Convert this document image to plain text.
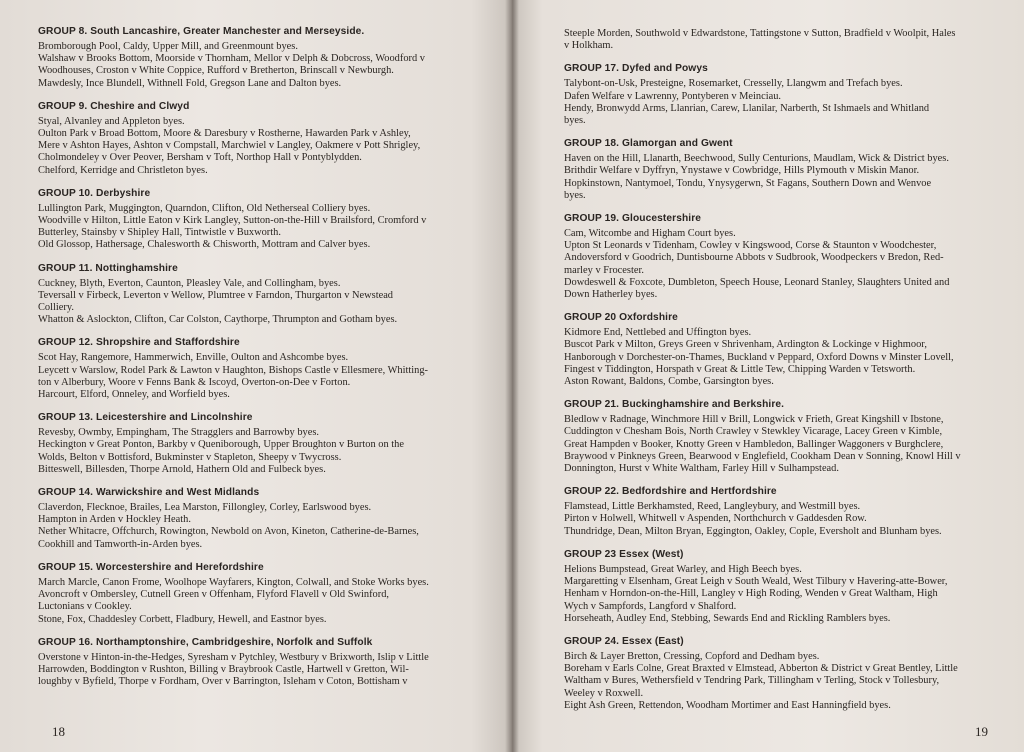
GROUP 8. South Lancashire, Greater Manchester and Merseyside.
Bromborough Pool, Caldy, Upper Mill, and Greenmount byes.
Walshaw v Brooks Bottom, Moorside v Thornham, Mellor v Delph & Dobcross, Woodford v
Woodhouses, Croston v White Coppice, Rufford v Bretherton, Brinscall v Newburgh.
Mawdesly, Ince Blundell, Withnell Fold, Gregson Lane and Dalton byes.
GROUP 9. Cheshire and Clwyd
Styal, Alvanley and Appleton byes.
Oulton Park v Broad Bottom, Moore & Daresbury v Rostherne, Hawarden Park v Ashley,
Mere v Ashton Hayes, Ashton v Compstall, Marchwiel v Langley, Oakmere v Pott Shrigley,
Cholmondeley v Over Peover, Bersham v Toft, Northop Hall v Pontyblydden.
Chelford, Kerridge and Christleton byes.
GROUP 10. Derbyshire
Lullington Park, Muggington, Quarndon, Clifton, Old Netherseal Colliery byes.
Woodville v Hilton, Little Eaton v Kirk Langley, Sutton-on-the-Hill v Brailsford, Cromford v
Butterley, Stainsby v Shipley Hall, Tintwistle v Buxworth.
Old Glossop, Hathersage, Chalesworth & Chisworth, Mottram and Calver byes.
GROUP 11. Nottinghamshire
Cuckney, Blyth, Everton, Caunton, Pleasley Vale, and Collingham, byes.
Teversall v Firbeck, Leverton v Wellow, Plumtree v Farndon, Thurgarton v Newstead
Colliery.
Whatton & Aslockton, Clifton, Car Colston, Caythorpe, Thrumpton and Gotham byes.
GROUP 12. Shropshire and Staffordshire
Scot Hay, Rangemore, Hammerwich, Enville, Oulton and Ashcombe byes.
Leycett v Warslow, Rodel Park & Lawton v Haughton, Bishops Castle v Ellesmere, Whitting-
ton v Alberbury, Woore v Fenns Bank & Iscoyd, Overton-on-Dee v Forton.
Harcourt, Elford, Onneley, and Worfield byes.
GROUP 13. Leicestershire and Lincolnshire
Revesby, Owmby, Empingham, The Stragglers and Barrowby byes.
Heckington v Great Ponton, Barkby v Queniborough, Upper Broughton v Burton on the
Wolds, Belton v Bottisford, Bukminster v Stapleton, Sheepy v Twycross.
Bitteswell, Billesden, Thorpe Arnold, Hathern Old and Fulbeck byes.
GROUP 14. Warwickshire and West Midlands
Claverdon, Flecknoe, Brailes, Lea Marston, Fillongley, Corley, Earlswood byes.
Hampton in Arden v Hockley Heath.
Nether Whitacre, Offchurch, Rowington, Newbold on Avon, Kineton, Catherine-de-Barnes,
Cookhill and Tamworth-in-Arden byes.
GROUP 15. Worcestershire and Herefordshire
March Marcle, Canon Frome, Woolhope Wayfarers, Kington, Colwall, and Stoke Works byes.
Avoncroft v Ombersley, Cutnell Green v Offenham, Flyford Flavell v Old Swinford,
Luctonians v Cookley.
Stone, Fox, Chaddesley Corbett, Fladbury, Hewell, and Eastnor byes.
GROUP 16. Northamptonshire, Cambridgeshire, Norfolk and Suffolk
Overstone v Hinton-in-the-Hedges, Syresham v Pytchley, Westbury v Brixworth, Islip v Little
Harrowden, Boddington v Rushton, Billing v Braybrook Castle, Hartwell v Gretton, Wil-
loughby v Byfield, Thorpe v Fordham, Over v Barrington, Isleham v Coton, Bottisham v
18
Steeple Morden, Southwold v Edwardstone, Tattingstone v Sutton, Bradfield v Woolpit, Hales
v Holkham.
GROUP 17. Dyfed and Powys
Talybont-on-Usk, Presteigne, Rosemarket, Cresselly, Llangwm and Trefach byes.
Dafen Welfare v Lawrenny, Pontyberen v Meinciau.
Hendy, Bronwydd Arms, Llanrian, Carew, Llanilar, Narberth, St Ishmaels and Whitland
byes.
GROUP 18. Glamorgan and Gwent
Haven on the Hill, Llanarth, Beechwood, Sully Centurions, Maudlam, Wick & District byes.
Brithdir Welfare v Dyffryn, Ynystawe v Cowbridge, Hills Plymouth v Miskin Manor.
Hopkinstown, Nantymoel, Tondu, Ynysygerwn, St Fagans, Southern Down and Wenvoe
byes.
GROUP 19. Gloucestershire
Cam, Witcombe and Higham Court byes.
Upton St Leonards v Tidenham, Cowley v Kingswood, Corse & Staunton v Woodchester,
Andoversford v Goodrich, Duntisbourne Abbots v Sudbrook, Woodpeckers v Bredon, Red-
marley v Frocester.
Dowdeswell & Foxcote, Dumbleton, Speech House, Leonard Stanley, Slaughters United and
Down Hatherley byes.
GROUP 20 Oxfordshire
Kidmore End, Nettlebed and Uffington byes.
Buscot Park v Milton, Greys Green v Shrivenham, Ardington & Lockinge v Highmoor,
Hanborough v Dorchester-on-Thames, Buckland v Peppard, Oxford Downs v Minster Lovell,
Fingest v Tiddington, Horspath v Great & Little Tew, Chipping Warden v Tetsworth.
Aston Rowant, Baldons, Combe, Garsington byes.
GROUP 21. Buckinghamshire and Berkshire.
Bledlow v Radnage, Winchmore Hill v Brill, Longwick v Frieth, Great Kingshill v Ibstone,
Cuddington v Chesham Bois, North Crawley v Stewkley Vicarage, Lacey Green v Kimble,
Great Hampden v Booker, Knotty Green v Hambledon, Ballinger Waggoners v Burghclere,
Braywood v Pinkneys Green, Bearwood v Englefield, Cookham Dean v Sonning, Knowl Hill v
Donnington, Hurst v White Waltham, Farley Hill v Sulhampstead.
GROUP 22. Bedfordshire and Hertfordshire
Flamstead, Little Berkhamsted, Reed, Langleybury, and Westmill byes.
Pirton v Holwell, Whitwell v Aspenden, Northchurch v Gaddesden Row.
Thundridge, Dean, Milton Bryan, Eggington, Oakley, Cople, Eversholt and Blunham byes.
GROUP 23 Essex (West)
Helions Bumpstead, Great Warley, and High Beech byes.
Margaretting v Elsenham, Great Leigh v South Weald, West Tilbury v Havering-atte-Bower,
Henham v Horndon-on-the-Hill, Langley v High Roding, Wenden v Great Waltham, High
Wych v Sampfords, Langford v Shalford.
Horseheath, Audley End, Stebbing, Sewards End and Rickling Ramblers byes.
GROUP 24. Essex (East)
Birch & Layer Bretton, Cressing, Copford and Dedham byes.
Boreham v Earls Colne, Great Braxted v Elmstead, Abberton & District v Great Bentley, Little
Waltham v Bures, Wethersfield v Tendring Park, Tillingham v Terling, Stock v Tollesbury,
Weeley v Roxwell.
Eight Ash Green, Rettendon, Woodham Mortimer and East Hanningfield byes.
19
